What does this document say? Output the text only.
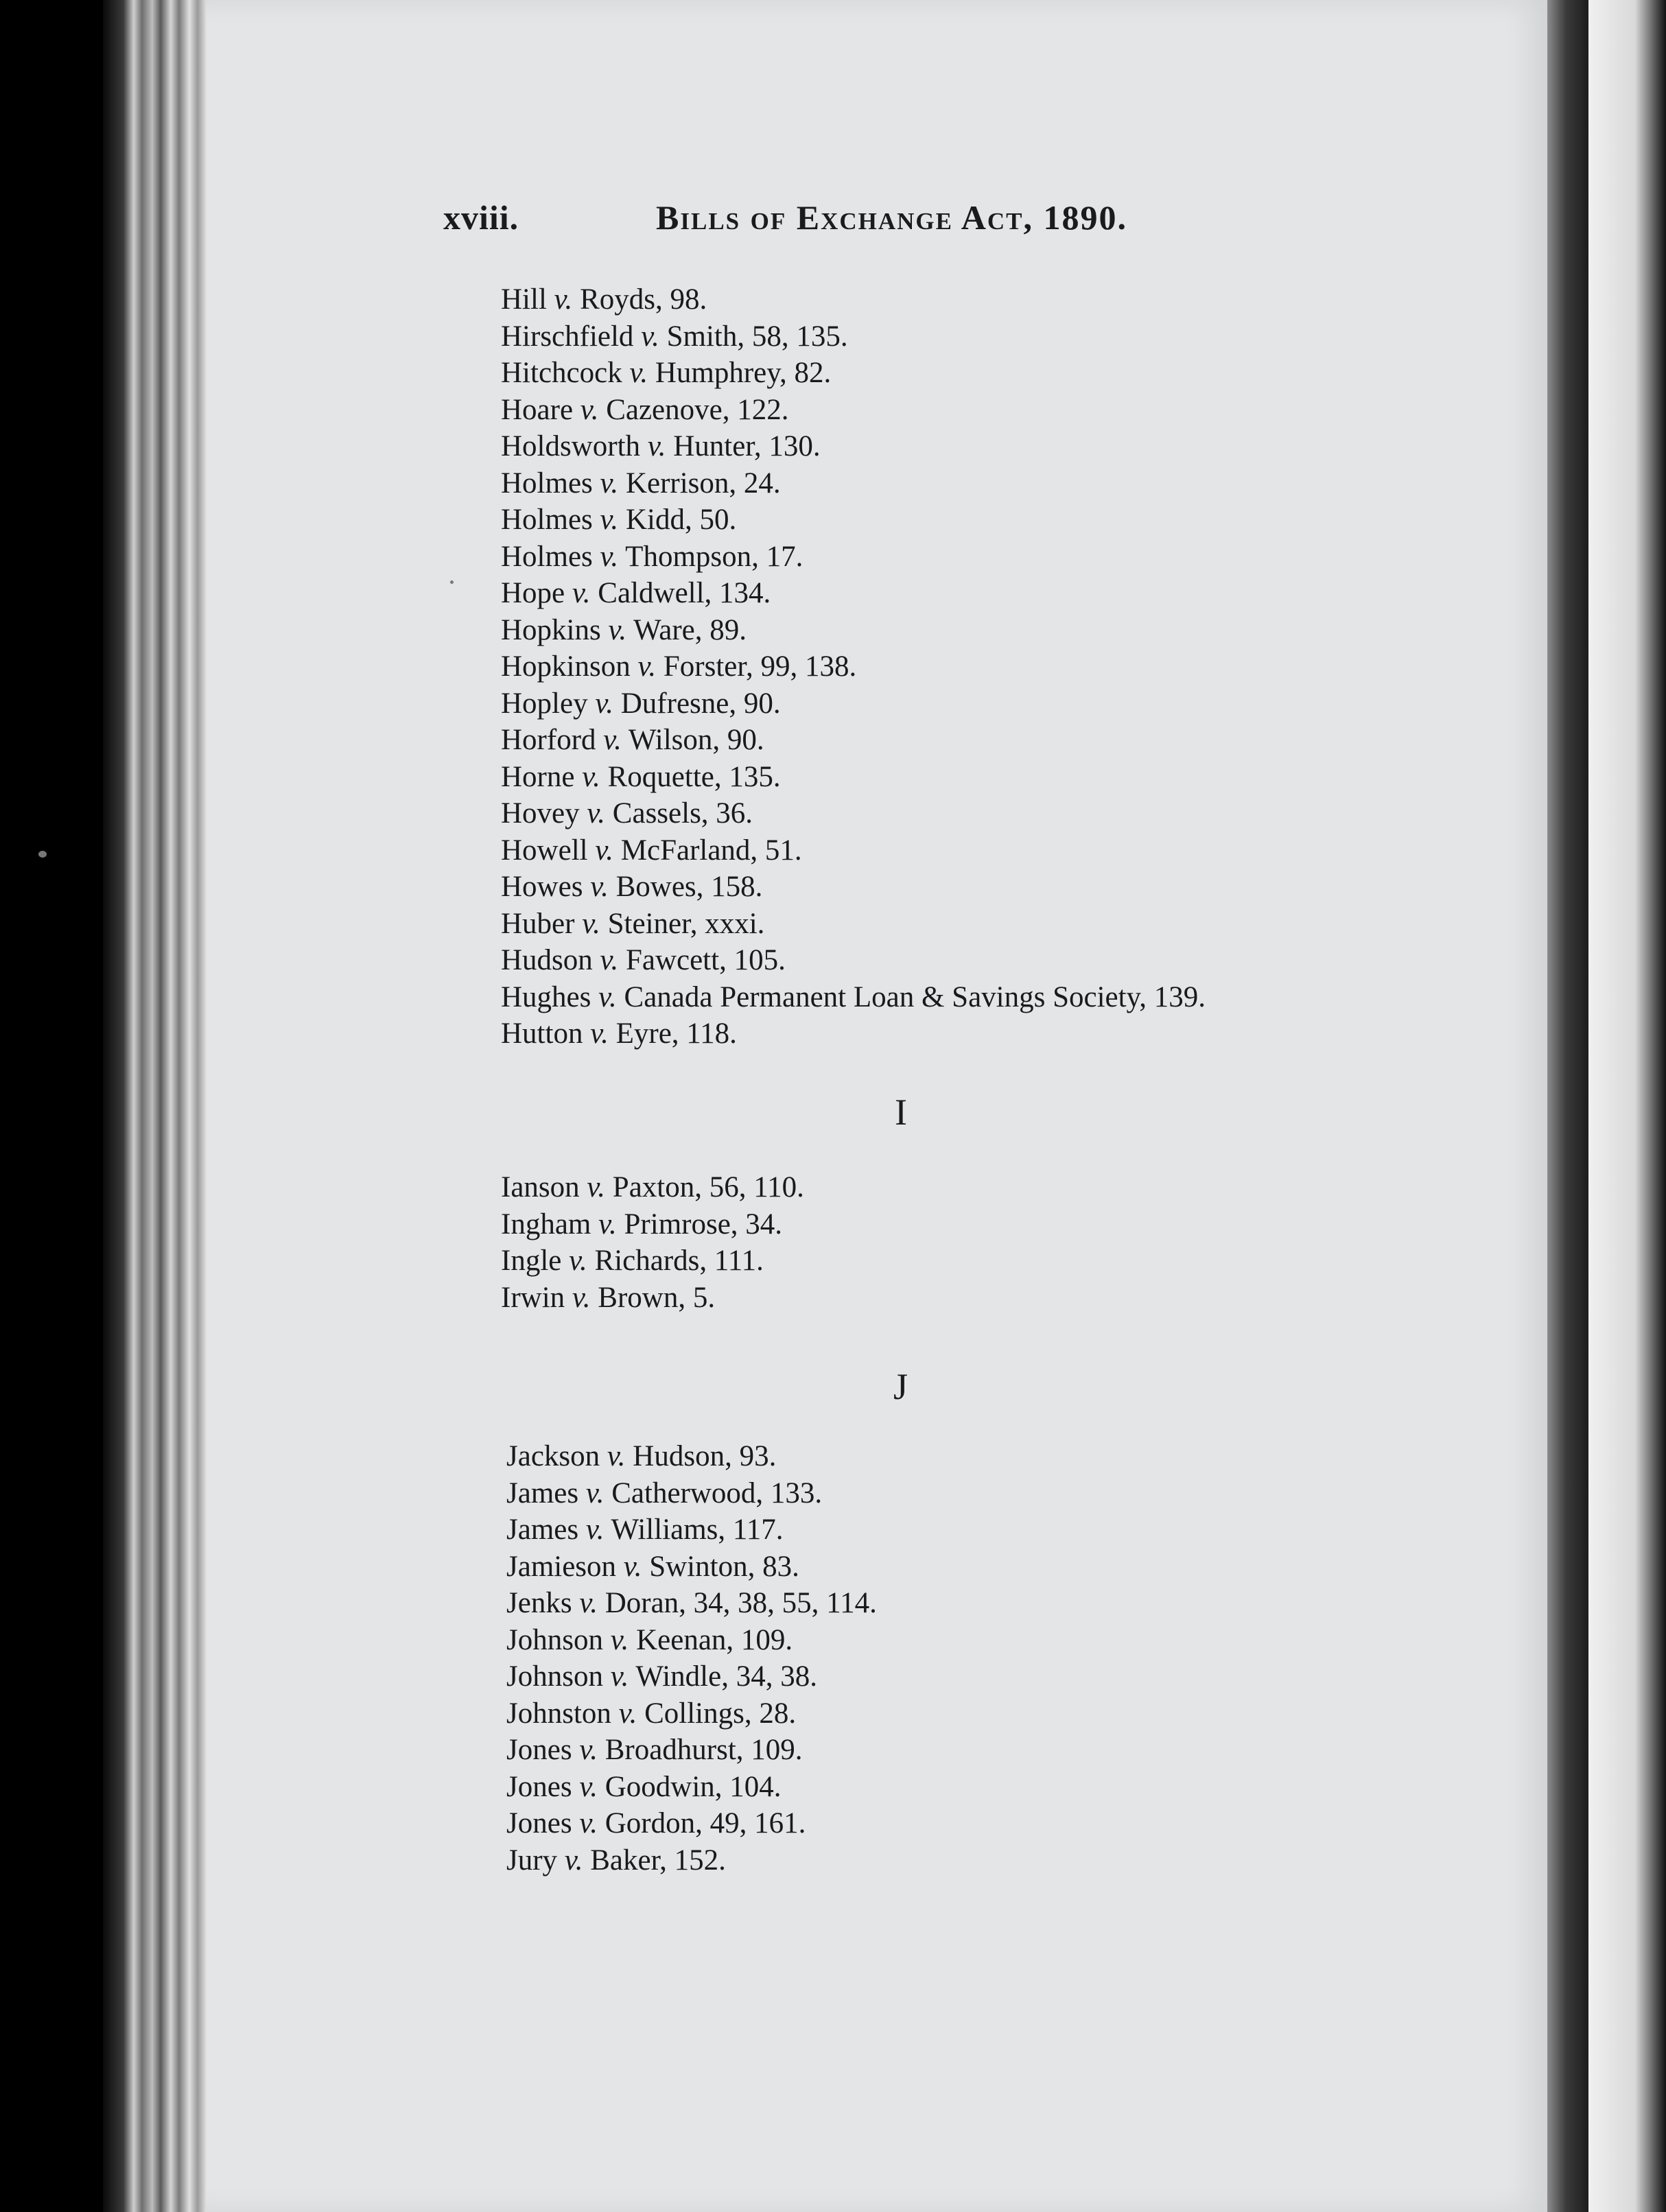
xviii.	Bills of Exchange Act, 1890.
Hill v. Royds, 98.
Hirschfield v. Smith, 58, 135.
Hitchcock v. Humphrey, 82.
Hoare v. Cazenove, 122.
Holdsworth v. Hunter, 130.
Holmes v. Kerrison, 24.
Holmes v. Kidd, 50.
Holmes v. Thompson, 17.
Hope v. Caldwell, 134.
Hopkins v. Ware, 89.
Hopkinson v. Forster, 99, 138.
Hopley v. Dufresne, 90.
Horford v. Wilson, 90.
Horne v. Roquette, 135.
Hovey v. Cassels, 36.
Howell v. McFarland, 51.
Howes v. Bowes, 158.
Huber v. Steiner, xxxi.
Hudson v. Fawcett, 105.
Hughes v. Canada Permanent Loan & Savings Society, 139.
Hutton v. Eyre, 118.
I
Ianson v. Paxton, 56, 110.
Ingham v. Primrose, 34.
Ingle v. Richards, 111.
Irwin v. Brown, 5.
J
Jackson v. Hudson, 93.
James v. Catherwood, 133.
James v. Williams, 117.
Jamieson v. Swinton, 83.
Jenks v. Doran, 34, 38, 55, 114.
Johnson v. Keenan, 109.
Johnson v. Windle, 34, 38.
Johnston v. Collings, 28.
Jones v. Broadhurst, 109.
Jones v. Goodwin, 104.
Jones v. Gordon, 49, 161.
Jury v. Baker, 152.
